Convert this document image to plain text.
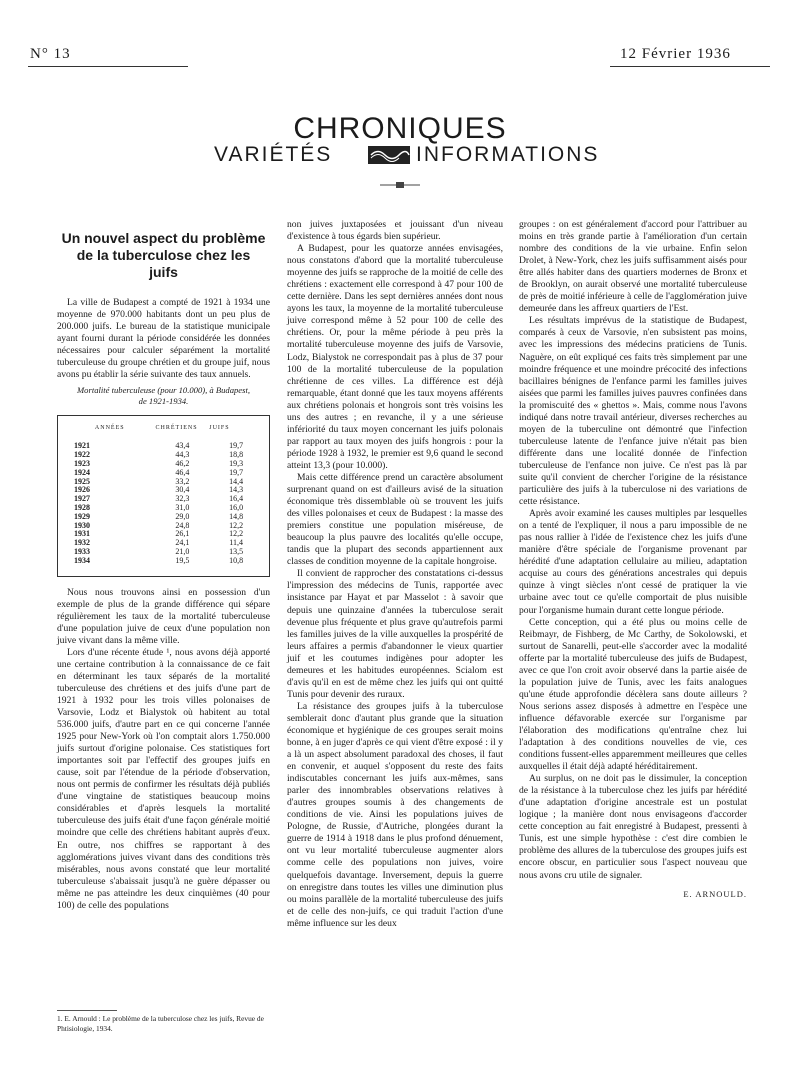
N° 13	12 Février 1936
CHRONIQUES
VARIÉTÉS	INFORMATIONS
Un nouvel aspect du problème de la tuberculose chez les juifs

La ville de Budapest a compté de 1921 à 1934 une moyenne de 970.000 habitants dont un peu plus de 200.000 juifs. Le bureau de la statistique municipale ayant fourni durant la période considérée les données nécessaires pour calculer séparément la mortalité tuberculeuse du groupe chrétien et du groupe juif, nous avons pu établir la série suivante des taux annuels.

Mortalité tuberculeuse (pour 10.000), à Budapest,
de 1921-1934.
ANNÉES	CHRÉTIENS	JUIFS
1921	43,4	19,7
1922	44,3	18,8
1923	46,2	19,3
1924	46,4	19,7
1925	33,2	14,4
1926	30,4	14,3
1927	32,3	16,4
1928	31,0	16,0
1929	29,0	14,8
1930	24,8	12,2
1931	26,1	12,2
1932	24,1	11,4
1933	21,0	13,5
1934	19,5	10,8

Nous nous trouvons ainsi en possession d'un exemple de plus de la grande différence qui sépare régulièrement les taux de la mortalité tuberculeuse d'une population juive de ceux d'une population non juive vivant dans la même ville.

Lors d'une récente étude ¹, nous avons déjà apporté une certaine contribution à la connaissance de ce fait en déterminant les taux séparés de la mortalité tuberculeuse des chrétiens et des juifs d'une part de 1921 à 1932 pour les trois villes polonaises de Varsovie, Lodz et Bialystok où habitent au total 536.000 juifs, d'autre part en ce qui concerne l'année 1925 pour New-York où l'on comptait alors 1.750.000 juifs surtout d'origine polonaise. Ces statistiques fort importantes soit par l'effectif des groupes juifs en cause, soit par l'étendue de la période d'observation, nous ont permis de confirmer les résultats déjà publiés d'une vingtaine de statistiques beaucoup moins considérables et d'après lesquels la mortalité tuberculeuse des juifs était d'une façon générale moitié moindre que celle des chrétiens habitant auprès d'eux. En outre, nos chiffres se rapportant à des agglomérations juives vivant dans des conditions très misérables, nous avons constaté que leur mortalité tuberculeuse s'abaissait jusqu'à ne guère dépasser ou même ne pas atteindre les deux cinquièmes (40 pour 100) de celle des populations

1. E. Arnould : Le problème de la tuberculose chez les juifs, Revue de Phtisiologie, 1934.

non juives juxtaposées et jouissant d'un niveau d'existence à tous égards bien supérieur.

A Budapest, pour les quatorze années envisagées, nous constatons d'abord que la mortalité tuberculeuse moyenne des juifs se rapproche de la moitié de celle des chrétiens : exactement elle correspond à 47 pour 100 de cette dernière. Dans les sept dernières années dont nous ayons les taux, la moyenne de la mortalité tuberculeuse juive correspond même à 52 pour 100 de celle des chrétiens. Or, pour la même période à peu près la mortalité tuberculeuse moyenne des juifs de Varsovie, Lodz, Bialystok ne correspondait pas à plus de 37 pour 100 de la mortalité tuberculeuse de la population chrétienne de ces villes. La différence est déjà remarquable, étant donné que les taux moyens afférents aux chrétiens polonais et hongrois sont très voisins les uns des autres ; en revanche, il y a une sérieuse infériorité du taux moyen concernant les juifs polonais par rapport au taux moyen des juifs hongrois : pour la période 1928 à 1932, le premier est 9,6 quand le second atteint 13,3 (pour 10.000).

Mais cette différence prend un caractère absolument surprenant quand on est d'ailleurs avisé de la situation économique très dissemblable où se trouvent les juifs des villes polonaises et ceux de Budapest : la masse des premiers constitue une population miséreuse, de beaucoup la plus pauvre des localités qu'elle occupe, tandis que la plupart des seconds appartiennent aux classes de condition moyenne de la capitale hongroise.

Il convient de rapprocher des constatations ci-dessus l'impression des médecins de Tunis, rapportée avec insistance par Hayat et par Masselot : à savoir que depuis une quinzaine d'années la tuberculose serait devenue plus fréquente et plus grave qu'autrefois parmi les familles juives de la ville auxquelles la prospérité de leurs affaires a permis d'abandonner le vieux quartier juif et les coutumes indigènes pour adopter les demeures et les habitudes européennes. Scialom est d'avis qu'il en est de même chez les juifs qui ont quitté Tunis pour devenir des ruraux.

La résistance des groupes juifs à la tuberculose semblerait donc d'autant plus grande que la situation économique et hygiénique de ces groupes serait moins bonne, à en juger d'après ce qui vient d'être exposé : il y a là un aspect absolument paradoxal des choses, il faut en convenir, et auquel s'opposent du reste des faits indiscutables concernant les juifs aux-mêmes, sans parler des innombrables observations relatives à d'autres groupes soumis à des changements de conditions de vie. Ainsi les populations juives de Pologne, de Russie, d'Autriche, plongées durant la guerre de 1914 à 1918 dans le plus profond dénuement, ont vu leur mortalité tuberculeuse augmenter alors comme celle des populations non juives, voire quelquefois davantage. Inversement, depuis la guerre on enregistre dans toutes les villes une diminution plus ou moins parallèle de la mortalité tuberculeuse des juifs et de celle des non-juifs, ce qui traduit l'action d'une même influence sur les deux

groupes : on est généralement d'accord pour l'attribuer au moins en très grande partie à l'amélioration d'un certain nombre des conditions de la vie urbaine. Enfin selon Drolet, à New-York, chez les juifs suffisamment aisés pour être allés habiter dans des quartiers modernes de Bronx et de Brooklyn, on aurait observé une mortalité tuberculeuse de près de moitié inférieure à celle de l'agglomération juive demeurée dans les affreux quartiers de l'Est.

Les résultats imprévus de la statistique de Budapest, comparés à ceux de Varsovie, n'en subsistent pas moins, avec les impressions des médecins praticiens de Tunis. Naguère, on eût expliqué ces faits très simplement par une moindre fréquence et une moindre précocité des infections bacillaires bénignes de l'enfance parmi les familles juives aisées que parmi les familles juives pauvres confinées dans la promiscuité des « ghettos ». Mais, comme nous l'avons indiqué dans notre travail antérieur, diverses recherches au moyen de la tuberculine ont démontré que l'infection tuberculeuse latente de l'enfance juive n'était pas bien différente dans une localité donnée de l'infection tuberculeuse de l'enfance non juive. Ce n'est pas là par suite qu'il convient de chercher l'origine de la résistance particulière des juifs à la tuberculose ni des variations de cette résistance.

Après avoir examiné les causes multiples par lesquelles on a tenté de l'expliquer, il nous a paru impossible de ne pas nous rallier à l'idée de l'existence chez les juifs d'une manière d'être spéciale de l'organisme provenant par hérédité d'une adaptation cellulaire au milieu, adaptation acquise au cours des générations ancestrales qui depuis quinze à vingt siècles n'ont cessé de pratiquer la vie urbaine avec tout ce qu'elle comportait de plus nuisible pour l'organisme humain durant cette longue période.

Cette conception, qui a été plus ou moins celle de Reibmayr, de Fishberg, de Mc Carthy, de Sokolowski, et surtout de Sanarelli, peut-elle s'accorder avec la modalité offerte par la mortalité tuberculeuse des juifs de Budapest, avec ce que l'on croit avoir observé dans la partie aisée de la population juive de Tunis, avec les faits analogues qu'une étude approfondie décèlera sans doute ailleurs ? Nous serions assez disposés à admettre en l'espèce une influence défavorable exercée sur l'organisme par l'élaboration des modifications qu'entraîne chez lui l'adaptation à des conditions nouvelles de vie, ces conditions fussent-elles apparemment meilleures que celles auxquelles il était déjà adapté héréditairement.

Au surplus, on ne doit pas le dissimuler, la conception de la résistance à la tuberculose chez les juifs par hérédité d'une adaptation d'origine ancestrale est un postulat logique ; la manière dont nous envisageons d'accorder cette conception au fait enregistré à Budapest, pressenti à Tunis, est une simple hypothèse : c'est dire combien le problème des allures de la tuberculose des groupes juifs est encore obscur, en particulier sous l'aspect nouveau que nous avons cru utile de signaler.

E. ARNOULD.
